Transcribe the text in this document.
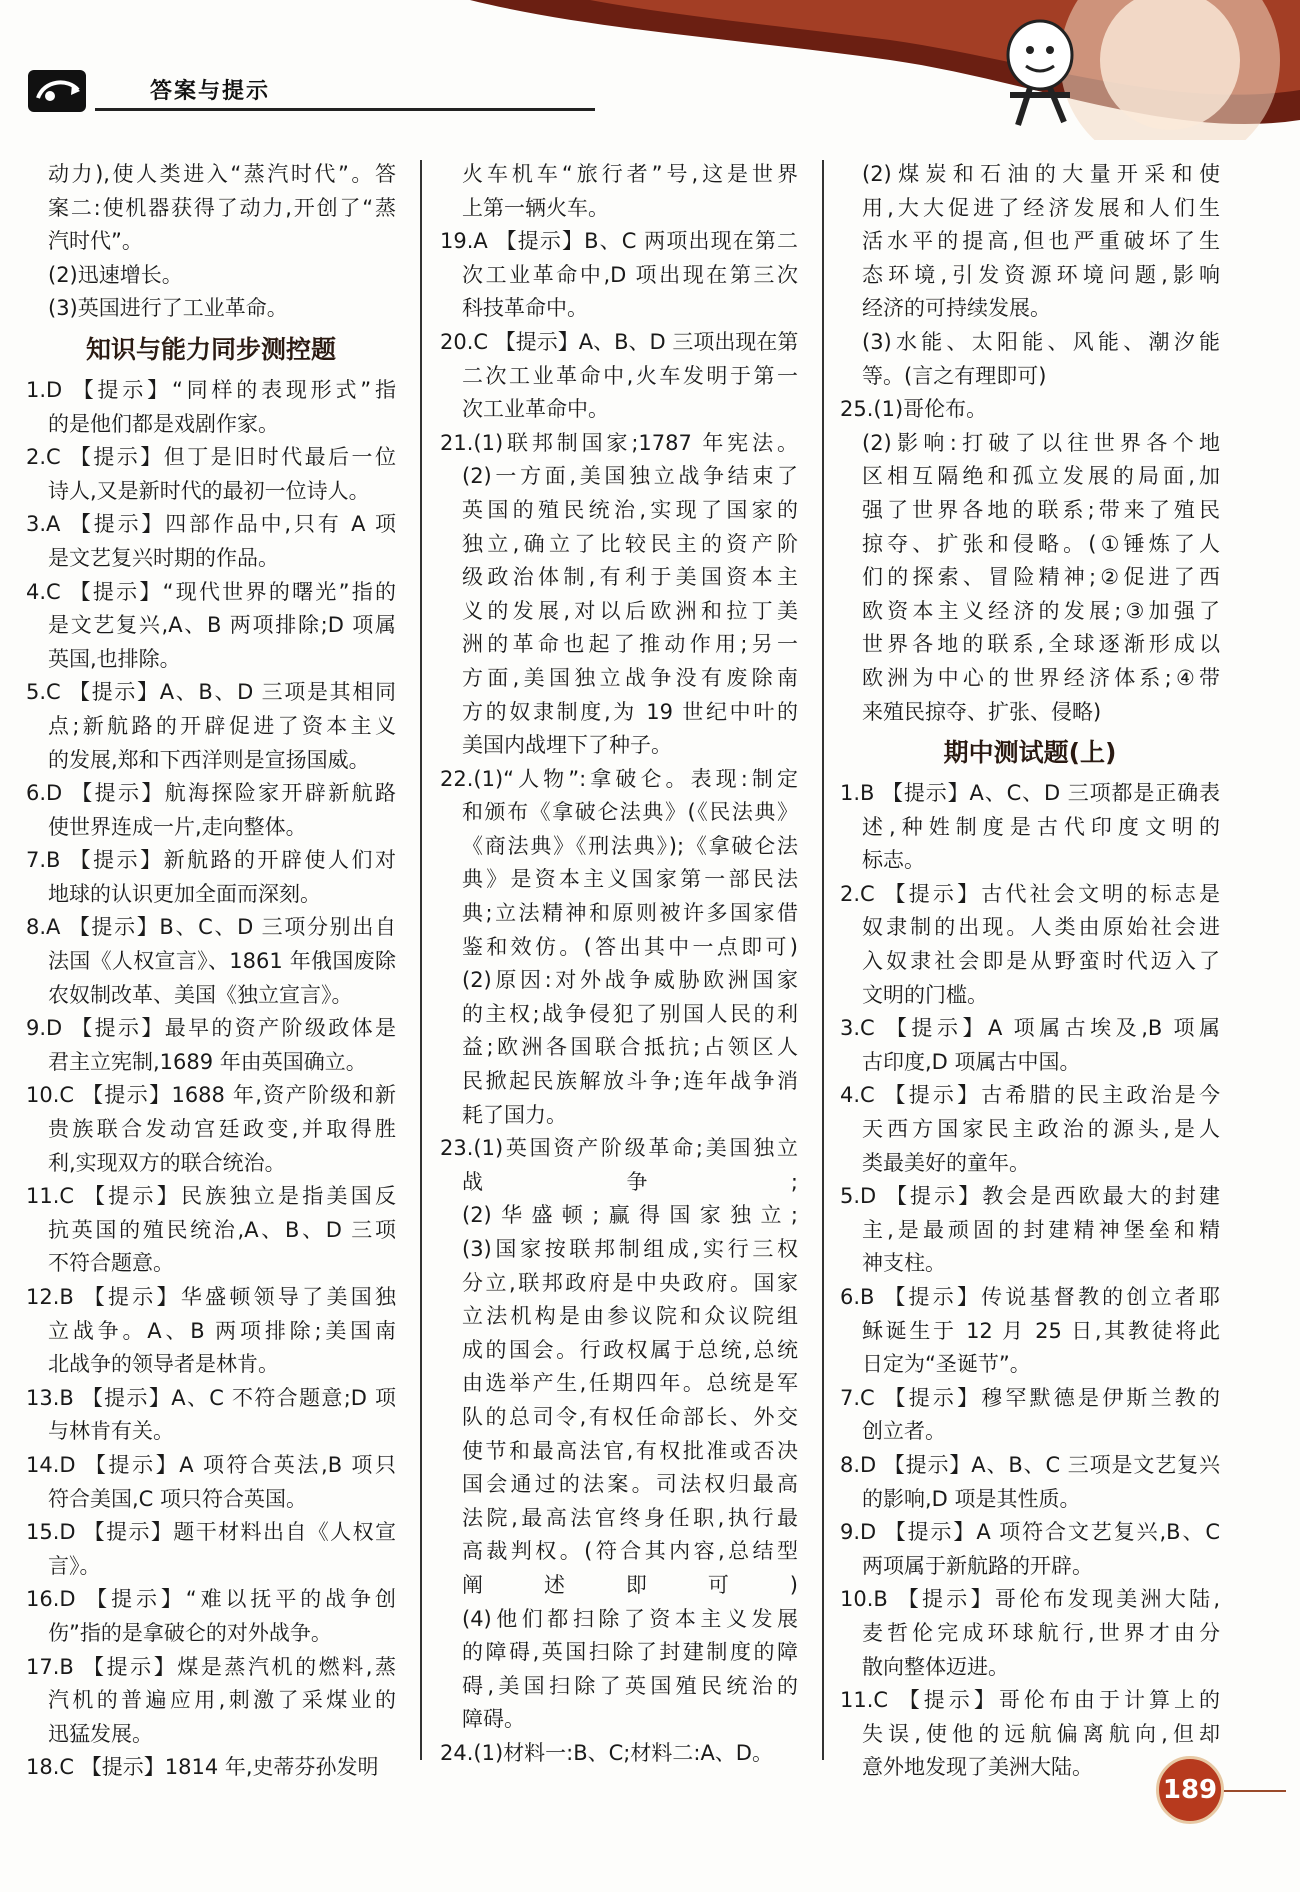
答案与提示
动力),使人类进入“蒸汽时代”。答
案二:使机器获得了动力,开创了“蒸
汽时代”。
(2)迅速增长。
(3)英国进行了工业革命。
知识与能力同步测控题
1.D 【提示】“同样的表现形式”指
的是他们都是戏剧作家。
2.C 【提示】但丁是旧时代最后一位
诗人,又是新时代的最初一位诗人。
3.A 【提示】四部作品中,只有 A 项
是文艺复兴时期的作品。
4.C 【提示】“现代世界的曙光”指的
是文艺复兴,A、B 两项排除;D 项属
英国,也排除。
5.C 【提示】A、B、D 三项是其相同
点;新航路的开辟促进了资本主义
的发展,郑和下西洋则是宣扬国威。
6.D 【提示】航海探险家开辟新航路
使世界连成一片,走向整体。
7.B 【提示】新航路的开辟使人们对
地球的认识更加全面而深刻。
8.A 【提示】B、C、D 三项分别出自
法国《人权宣言》、1861 年俄国废除
农奴制改革、美国《独立宣言》。
9.D 【提示】最早的资产阶级政体是
君主立宪制,1689 年由英国确立。
10.C 【提示】1688 年,资产阶级和新
贵族联合发动宫廷政变,并取得胜
利,实现双方的联合统治。
11.C 【提示】民族独立是指美国反
抗英国的殖民统治,A、B、D 三项
不符合题意。
12.B 【提示】华盛顿领导了美国独
立战争。A、B 两项排除;美国南
北战争的领导者是林肯。
13.B 【提示】A、C 不符合题意;D 项
与林肯有关。
14.D 【提示】A 项符合英法,B 项只
符合美国,C 项只符合英国。
15.D 【提示】题干材料出自《人权宣
言》。
16.D 【提示】“难以抚平的战争创
伤”指的是拿破仑的对外战争。
17.B 【提示】煤是蒸汽机的燃料,蒸
汽机的普遍应用,刺激了采煤业的
迅猛发展。
18.C 【提示】1814 年,史蒂芬孙发明
火车机车“旅行者”号,这是世界
上第一辆火车。
19.A 【提示】B、C 两项出现在第二
次工业革命中,D 项出现在第三次
科技革命中。
20.C 【提示】A、B、D 三项出现在第
二次工业革命中,火车发明于第一
次工业革命中。
21.(1)联邦制国家;1787 年宪法。
(2)一方面,美国独立战争结束了
英国的殖民统治,实现了国家的
独立,确立了比较民主的资产阶
级政治体制,有利于美国资本主
义的发展,对以后欧洲和拉丁美
洲的革命也起了推动作用;另一
方面,美国独立战争没有废除南
方的奴隶制度,为 19 世纪中叶的
美国内战埋下了种子。
22.(1)“人物”:拿破仑。表现:制定
和颁布《拿破仑法典》(《民法典》
《商法典》《刑法典》);《拿破仑法
典》是资本主义国家第一部民法
典;立法精神和原则被许多国家借
鉴和效仿。(答出其中一点即可)
(2)原因:对外战争威胁欧洲国家
的主权;战争侵犯了别国人民的利
益;欧洲各国联合抵抗;占领区人
民掀起民族解放斗争;连年战争消
耗了国力。
23.(1)英国资产阶级革命;美国独立
战争;
(2)华盛顿;赢得国家独立;
(3)国家按联邦制组成,实行三权
分立,联邦政府是中央政府。国家
立法机构是由参议院和众议院组
成的国会。行政权属于总统,总统
由选举产生,任期四年。总统是军
队的总司令,有权任命部长、外交
使节和最高法官,有权批准或否决
国会通过的法案。司法权归最高
法院,最高法官终身任职,执行最
高裁判权。(符合其内容,总结型
阐述即可)
(4)他们都扫除了资本主义发展
的障碍,英国扫除了封建制度的障
碍,美国扫除了英国殖民统治的
障碍。
24.(1)材料一:B、C;材料二:A、D。
(2)煤炭和石油的大量开采和使
用,大大促进了经济发展和人们生
活水平的提高,但也严重破坏了生
态环境,引发资源环境问题,影响
经济的可持续发展。
(3)水能、太阳能、风能、潮汐能
等。(言之有理即可)
25.(1)哥伦布。
(2)影响:打破了以往世界各个地
区相互隔绝和孤立发展的局面,加
强了世界各地的联系;带来了殖民
掠夺、扩张和侵略。(①锤炼了人
们的探索、冒险精神;②促进了西
欧资本主义经济的发展;③加强了
世界各地的联系,全球逐渐形成以
欧洲为中心的世界经济体系;④带
来殖民掠夺、扩张、侵略)
期中测试题(上)
1.B 【提示】A、C、D 三项都是正确表
述,种姓制度是古代印度文明的
标志。
2.C 【提示】古代社会文明的标志是
奴隶制的出现。人类由原始社会进
入奴隶社会即是从野蛮时代迈入了
文明的门槛。
3.C 【提示】A 项属古埃及,B 项属
古印度,D 项属古中国。
4.C 【提示】古希腊的民主政治是今
天西方国家民主政治的源头,是人
类最美好的童年。
5.D 【提示】教会是西欧最大的封建
主,是最顽固的封建精神堡垒和精
神支柱。
6.B 【提示】传说基督教的创立者耶
稣诞生于 12 月 25 日,其教徒将此
日定为“圣诞节”。
7.C 【提示】穆罕默德是伊斯兰教的
创立者。
8.D 【提示】A、B、C 三项是文艺复兴
的影响,D 项是其性质。
9.D 【提示】A 项符合文艺复兴,B、C
两项属于新航路的开辟。
10.B 【提示】哥伦布发现美洲大陆,
麦哲伦完成环球航行,世界才由分
散向整体迈进。
11.C 【提示】哥伦布由于计算上的
失误,使他的远航偏离航向,但却
意外地发现了美洲大陆。
189
